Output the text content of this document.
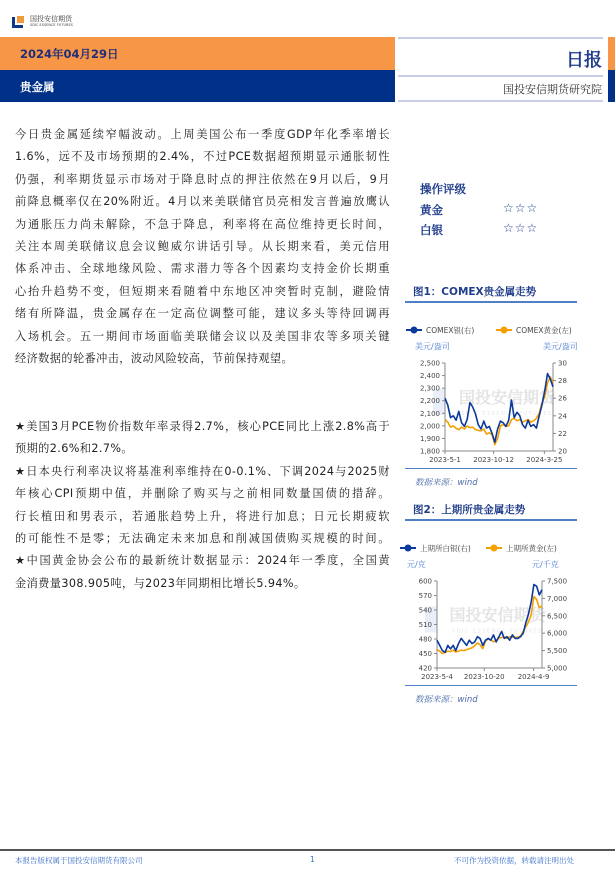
国投安信期货
SDIC ESSENCE FUTURES
2024年04月29日
贵金属
日报
国投安信期货研究院
今日贵金属延续窄幅波动。上周美国公布一季度GDP年化季率增长
1.6%，远不及市场预期的2.4%，不过PCE数据超预期显示通胀韧性
仍强，利率期货显示市场对于降息时点的押注依然在9月以后，9月
前降息概率仅在20%附近。4月以来美联储官员亮相发言普遍放鹰认
为通胀压力尚未解除，不急于降息，利率将在高位维持更长时间，
关注本周美联储议息会议鲍威尔讲话引导。从长期来看，美元信用
体系冲击、全球地缘风险、需求潜力等各个因素均支持金价长期重
心抬升趋势不变，但短期来看随着中东地区冲突暂时克制，避险情
绪有所降温，贵金属存在一定高位调整可能，建议多头等待回调再
入场机会。五一期间市场面临美联储会议以及美国非农等多项关键
经济数据的轮番冲击，波动风险较高，节前保持观望。
★美国3月PCE物价指数年率录得2.7%，核心PCE同比上涨2.8%高于
预期的2.6%和2.7%。
★日本央行利率决议将基准利率维持在0-0.1%、下调2024与2025财
年核心CPI预期中值，并删除了购买与之前相同数量国债的措辞。
行长植田和男表示，若通胀趋势上升，将进行加息；日元长期疲软
的可能性不是零；无法确定未来加息和削减国债购买规模的时间。
★中国黄金协会公布的最新统计数据显示：2024年一季度，全国黄
金消费量308.905吨，与2023年同期相比增长5.94%。
操作评级
黄金	☆☆☆
白银	☆☆☆
图1：COMEX贵金属走势
国投安信期货
SDIC ESSENCE FUTURES
1,800
1,900
2,000
2,100
2,200
2,300
2,400
2,500
20
22
24
26
28
30
2023-5-1 2023-10-12 2024-3-25
美元/盎司	美元/盎司
COMEX银(右)	COMEX黄金(左)
数据来源：wind
图2：上期所贵金属走势
国投安信期货
SDIC ESSENCE FUTURES
420
450
480
510
540
570
600
5,000
5,500
6,000
6,500
7,000
7,500
2023-5-4 2023-10-20 2024-4-9
元/克	元/千克
上期所白银(右)	上期所黄金(左)
数据来源：wind
本报告版权属于国投安信期货有限公司	1	不可作为投资依据，转载请注明出处
